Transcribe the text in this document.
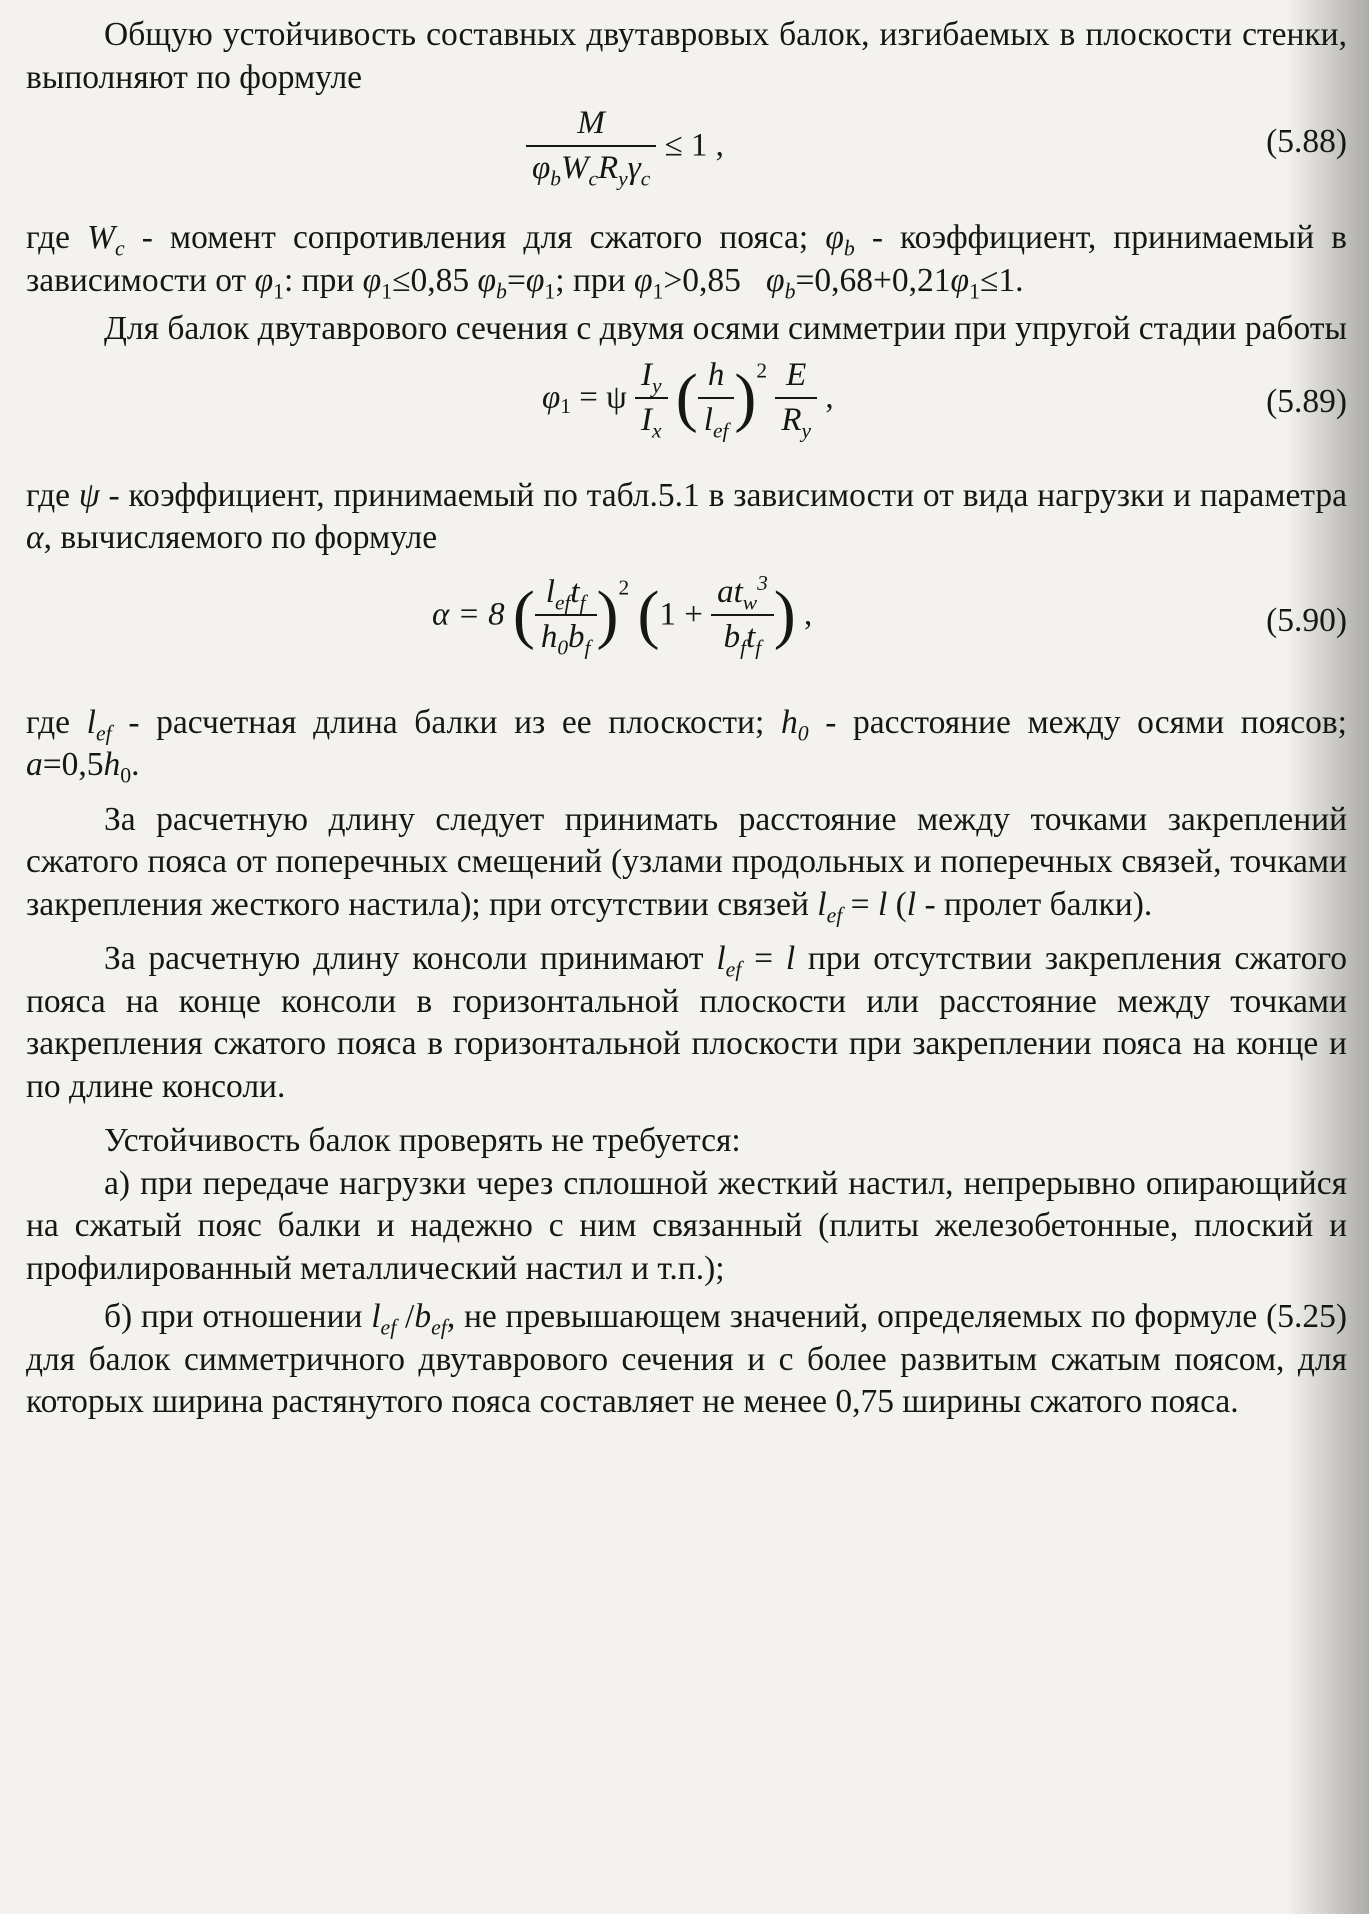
Общую устойчивость составных двутавровых балок, изгибаемых в плоскости стенки, выполняют по формуле

$\frac{M}{\varphi_bW_cR_y\gamma_c} \le 1$ ,	(5.88)

где $W_c$ - момент сопротивления для сжатого пояса; $\varphi_b$ - коэффициент, принимаемый в зависимости от $\varphi_1$: при $\varphi_1\le 0,85$ $\varphi_b=\varphi_1$; при $\varphi_1>0,85$   $\varphi_b=0,68+0,21\varphi_1\le 1$.

Для балок двутаврового сечения с двумя осями симметрии при упругой стадии работы

$\varphi_1 = \psi \frac{I_y}{I_x}$ ( $\frac{h}{l_{ef}} )^2 \frac{E}{R_y}$ ,	(5.89)

где ψ - коэффициент, принимаемый по табл.5.1 в зависимости от вида нагрузки и параметра α, вычисляемого по формуле

α = 8 ( $\frac{l_{ef}t_f}{h_0b_f} )^2$ ($1 + \frac{at_w^3}{b_ft_f}$ ) ,	(5.90)

где $l_{ef}$ - расчетная длина балки из ее плоскости; $h_0$ - расстояние между осями поясов; $a=0,5h_0$.

За расчетную длину следует принимать расстояние между точками закреплений сжатого пояса от поперечных смещений (узлами продольных и поперечных связей, точками закрепления жесткого настила); при отсутствии связей $l_{ef} = l$ (l - пролет балки).

За расчетную длину консоли принимают $l_{ef} = l$ при отсутствии закрепления сжатого пояса на конце консоли в горизонтальной плоскости или расстояние между точками закрепления сжатого пояса в горизонтальной плоскости при закреплении пояса на конце и по длине консоли.

Устойчивость балок проверять не требуется:

а) при передаче нагрузки через сплошной жесткий настил, непрерывно опирающийся на сжатый пояс балки и надежно с ним связанный (плиты железобетонные, плоский и профилированный металлический настил и т.п.);

б) при отношении $l_{ef}$ $/b_{ef}$, не превышающем значений, определяемых по формуле (5.25) для балок симметричного двутаврового сечения и с более развитым сжатым поясом, для которых ширина растянутого пояса составляет не менее 0,75 ширины сжатого пояса.
